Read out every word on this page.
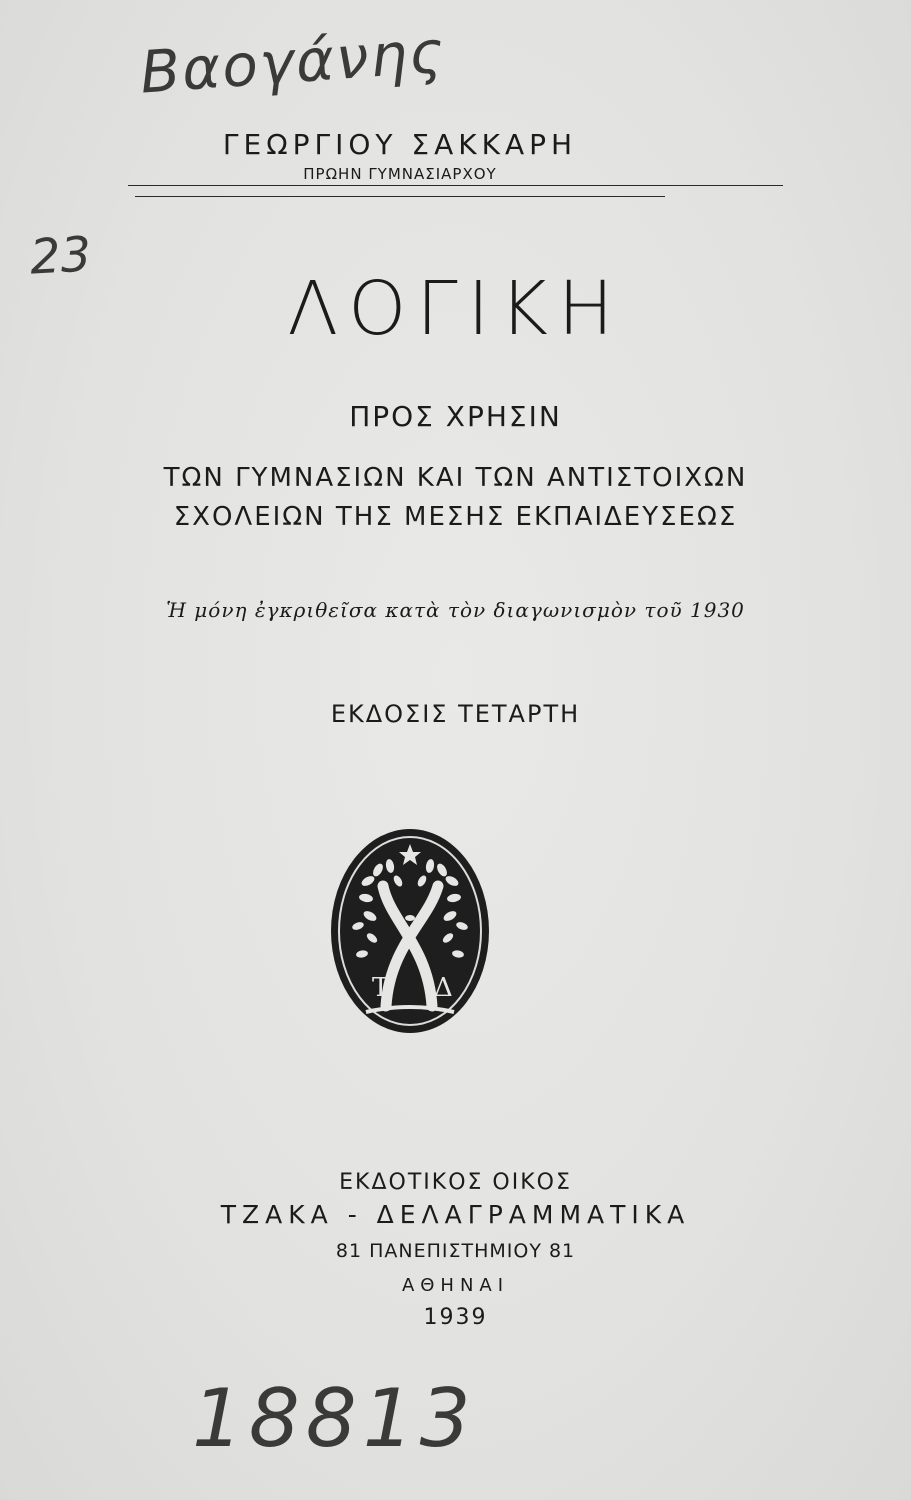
Βαογάνης
23
ΓΕΩΡΓΙΟΥ ΣΑΚΚΑΡΗ
ΠΡΩΗΝ ΓΥΜΝΑΣΙΑΡΧΟΥ
ΛΟΓΙΚΗ
ΠΡΟΣ ΧΡΗΣΙΝ
ΤΩΝ ΓΥΜΝΑΣΙΩΝ ΚΑΙ ΤΩΝ ΑΝΤΙΣΤΟΙΧΩΝ
ΣΧΟΛΕΙΩΝ ΤΗΣ ΜΕΣΗΣ ΕΚΠΑΙΔΕΥΣΕΩΣ
Ἡ μόνη ἐγκριθεῖσα κατὰ τὸν διαγωνισμὸν τοῦ 1930
ΕΚΔΟΣΙΣ ΤΕΤΑΡΤΗ
Τ Δ
ΕΚΔΟΤΙΚΟΣ ΟΙΚΟΣ
ΤΖΑΚΑ - ΔΕΛΑΓΡΑΜΜΑΤΙΚΑ
81 ΠΑΝΕΠΙΣΤΗΜΙΟΥ 81
ΑΘΗΝΑΙ
1939
18813
